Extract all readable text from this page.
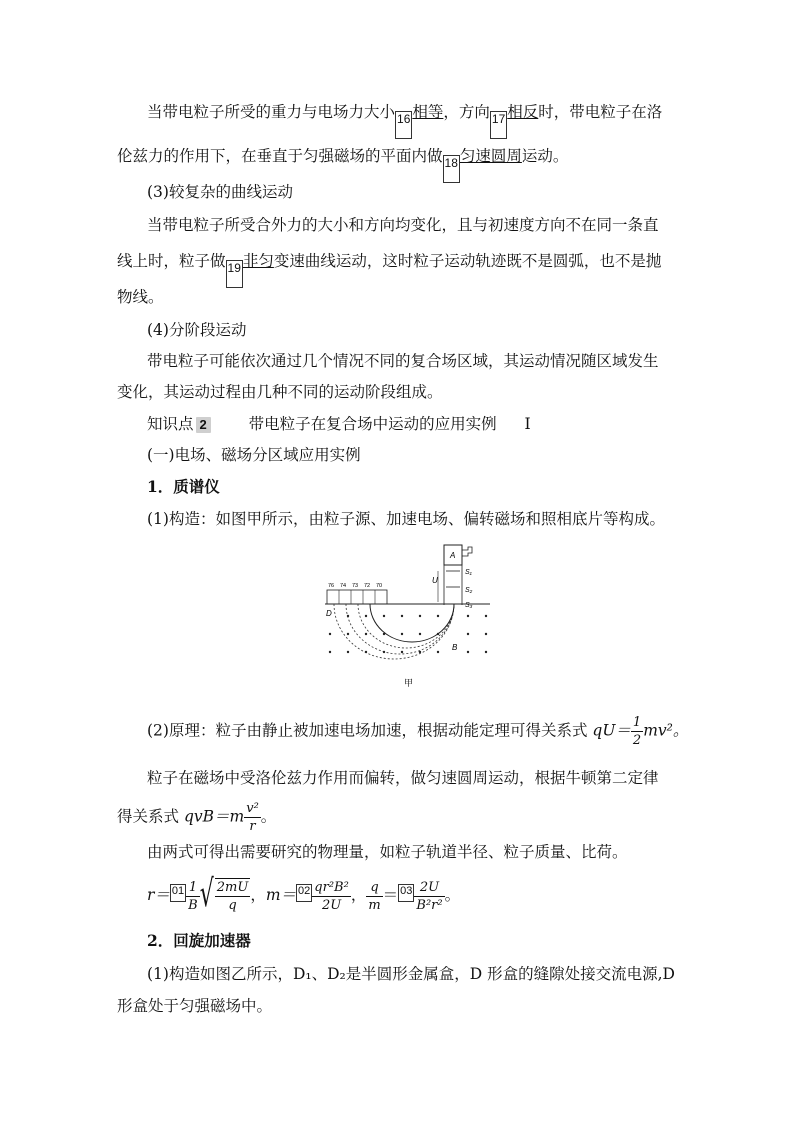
当带电粒子所受的重力与电场力大小 16 相等，方向 17 相反时，带电粒子在洛
伦兹力的作用下，在垂直于匀强磁场的平面内做 18 匀速圆周运动。
(3)较复杂的曲线运动
当带电粒子所受合外力的大小和方向均变化，且与初速度方向不在同一条直
线上时，粒子做 19 非匀变速曲线运动，这时粒子运动轨迹既不是圆弧，也不是抛
物线。
(4)分阶段运动
带电粒子可能依次通过几个情况不同的复合场区域，其运动情况随区域发生
变化，其运动过程由几种不同的运动阶段组成。
知识点 2	带电粒子在复合场中运动的应用实例 Ⅰ
(一)电场、磁场分区域应用实例
1．质谱仪
(1)构造：如图甲所示，由粒子源、加速电场、偏转磁场和照相底片等构成。
A
U
S₁
S₂
S₃
76 74 73 72 70
D
B
甲
(2)原理：粒子由静止被加速电场加速，根据动能定理可得关系式 $qU= \frac{1}{2} mv^2$。
粒子在磁场中受洛伦兹力作用而偏转，做匀速圆周运动，根据牛顿第二定律
得关系式 $qvB=m \frac{\text{v²}}{r}$ 。
由两式可得出需要研究的物理量，如粒子轨道半径、粒子质量、比荷。
$r= 01 \frac{1}{B}$ √ $\frac{2mU}{q}$ ，$m= 02 \frac{\text{qr²B²}}{2U}$ ， $\frac{q}{m} = 03 \frac{2U}{\text{B²r²}}$ 。
2．回旋加速器
(1)构造如图乙所示，D₁、D₂是半圆形金属盒，D 形盒的缝隙处接交流电源,D
形盒处于匀强磁场中。
